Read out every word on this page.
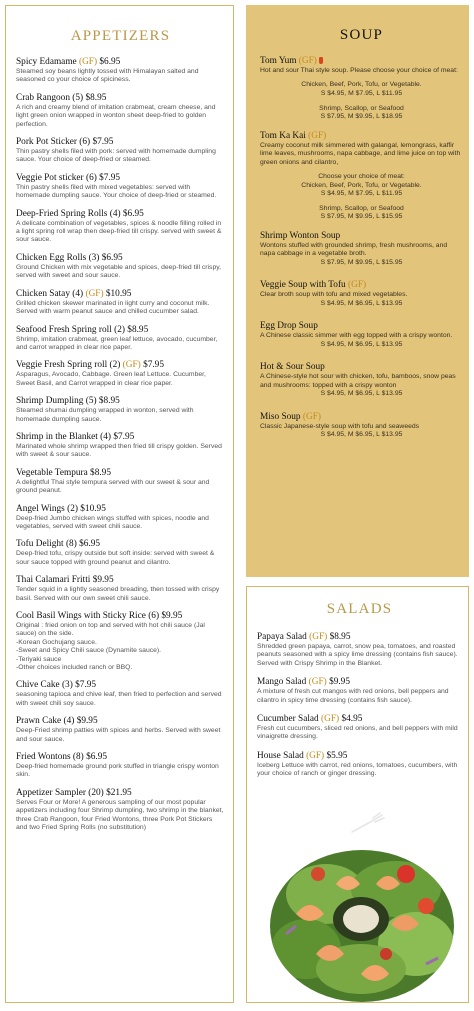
APPETIZERS
Spicy Edamame (GF) $6.95
Steamed soy beans lightly tossed with Himalayan salted and seasoned co your choice of spiciness.
Crab Rangoon (5) $8.95
A rich and creamy blend of imitation crabmeat, cream cheese, and light green onion wrapped in wonton sheet deep-fried to golden perfection.
Pork Pot Sticker (6) $7.95
Thin pastry shells filed with pork: served with homemade dumpling sauce. Your choice of deep-fried or steamed.
Veggie Pot sticker (6) $7.95
Thin pastry shells filed with mixed vegetables: served with homemade dumpling sauce. Your choice of deep-fried or steamed.
Deep-Fried Spring Rolls (4) $6.95
A delicate combination of vegetables, spices & noodle filling rolled in a light spring roll wrap then deep-fried till crispy. served with sweet & sour sauce.
Chicken Egg Rolls (3) $6.95
Ground Chicken with mix vegetable and spices, deep-fried till crispy, served with sweet and sour sauce.
Chicken Satay (4) (GF) $10.95
Grilled chicken skewer marinated in light curry and coconut milk. Served with warm peanut sauce and chilled cucumber salad.
Seafood Fresh Spring roll (2) $8.95
Shrimp, imitation crabmeat, green leaf lettuce, avocado, cucumber, and carrot wrapped in clear rice paper.
Veggie Fresh Spring roll (2) (GF) $7.95
Asparagus, Avocado, Cabbage. Green leaf Lettuce. Cucumber, Sweet Basil, and Carrot wrapped in clear rice paper.
Shrimp Dumpling (5) $8.95
Steamed shumai dumpling wrapped in wonton, served with homemade dumpling sauce.
Shrimp in the Blanket (4) $7.95
Marinated whole shrimp wrapped then fried till crispy golden. Served with sweet & sour sauce.
Vegetable Tempura $8.95
A delightful Thai style tempura served with our sweet & sour and ground peanut.
Angel Wings (2) $10.95
Deep-fried Jumbo chicken wings stuffed with spices, noodle and vegetables, served with sweet chili sauce.
Tofu Delight (8) $6.95
Deep-fried tofu, crispy outside but soft inside: served with sweet & sour sauce topped with ground peanut and cilantro.
Thai Calamari Fritti $9.95
Tender squid in a lightly seasoned breading, then tossed with crispy basil. Served with our own sweet chili sauce.
Cool Basil Wings with Sticky Rice (6) $9.95
Original : fried onion on top and served with hot chili sauce (Jal sauce) on the side.
-Korean Gochujang sauce.
-Sweet and Spicy Chili sauce (Dynamite sauce).
-Teriyaki sauce
-Other choices included ranch or BBQ.
Chive Cake (3) $7.95
seasoning tapioca and chive leaf, then fried to perfection and served with sweet chili soy sauce.
Prawn Cake (4) $9.95
Deep-Fried shrimp patties with spices and herbs. Served with sweet and sour sauce.
Fried Wontons (8) $6.95
Deep-fried homemade ground pork stuffed in triangle crispy wonton skin.
Appetizer Sampler (20) $21.95
Serves Four or More! A generous sampling of our most popular appetizers including four Shrimp dumpling, two shrimp in the blanket, three Crab Rangoon, four Fried Wontons, three Pork Pot Stickers and two Fried Spring Rolls (no substitution)
SOUP
Tom Yum (GF)
Hot and sour Thai style soup. Please choose your choice of meat:
Chicken, Beef, Pork, Tofu, or Vegetable.
S $4.95, M $7.95, L $11.95
Shrimp, Scallop, or Seafood
S $7.95, M $9.95, L $18.95
Tom Ka Kai (GF)
Creamy coconut milk simmered with galangal, lemongrass, kaffir lime leaves, mushrooms, napa cabbage, and lime juice on top with green onions and cilantro,
Choose your choice of meat:
Chicken, Beef, Pork, Tofu, or Vegetable.
S $4.95, M $7.95, L $11.95
Shrimp, Scallop, or Seafood
S $7.95, M $9.95, L $15.95
Shrimp Wonton Soup
Wontons stuffed with grounded shrimp, fresh mushrooms, and napa cabbage in a vegetable broth.
S $7.95, M $9.95, L $15.95
Veggie Soup with Tofu (GF)
Clear broth soup with tofu and mixed vegetables.
S $4.95, M $6.95, L $13.95
Egg Drop Soup
A Chinese classic simmer with egg topped with a crispy wonton.
S $4.95, M $6.95, L $13.95
Hot & Sour Soup
A Chinese-style hot sour with chicken, tofu, bamboos, snow peas and mushrooms: topped with a crispy wonton
S $4.95, M $6.95, L $13.95
Miso Soup (GF)
Classic Japanese-style soup with tofu and seaweeds
S $4.95, M $6.95, L $13.95
SALADS
Papaya Salad (GF) $8.95
Shredded green papaya, carrot, snow pea, tomatoes, and roasted peanuts seasoned with a spicy lime dressing (contains fish sauce). Served with Crispy Shrimp in the Blanket.
Mango Salad (GF) $9.95
A mixture of fresh cut mangos with red onions, bell peppers and cilantro in spicy time dressing (contains fish sauce).
Cucumber Salad (GF) $4.95
Fresh cut cucumbers, sliced red onions, and bell peppers with mild vinaigrette dressing.
House Salad (GF) $5.95
Iceberg Lettuce with carrot, red onions, tomatoes, cucumbers, with your choice of ranch or ginger dressing.
